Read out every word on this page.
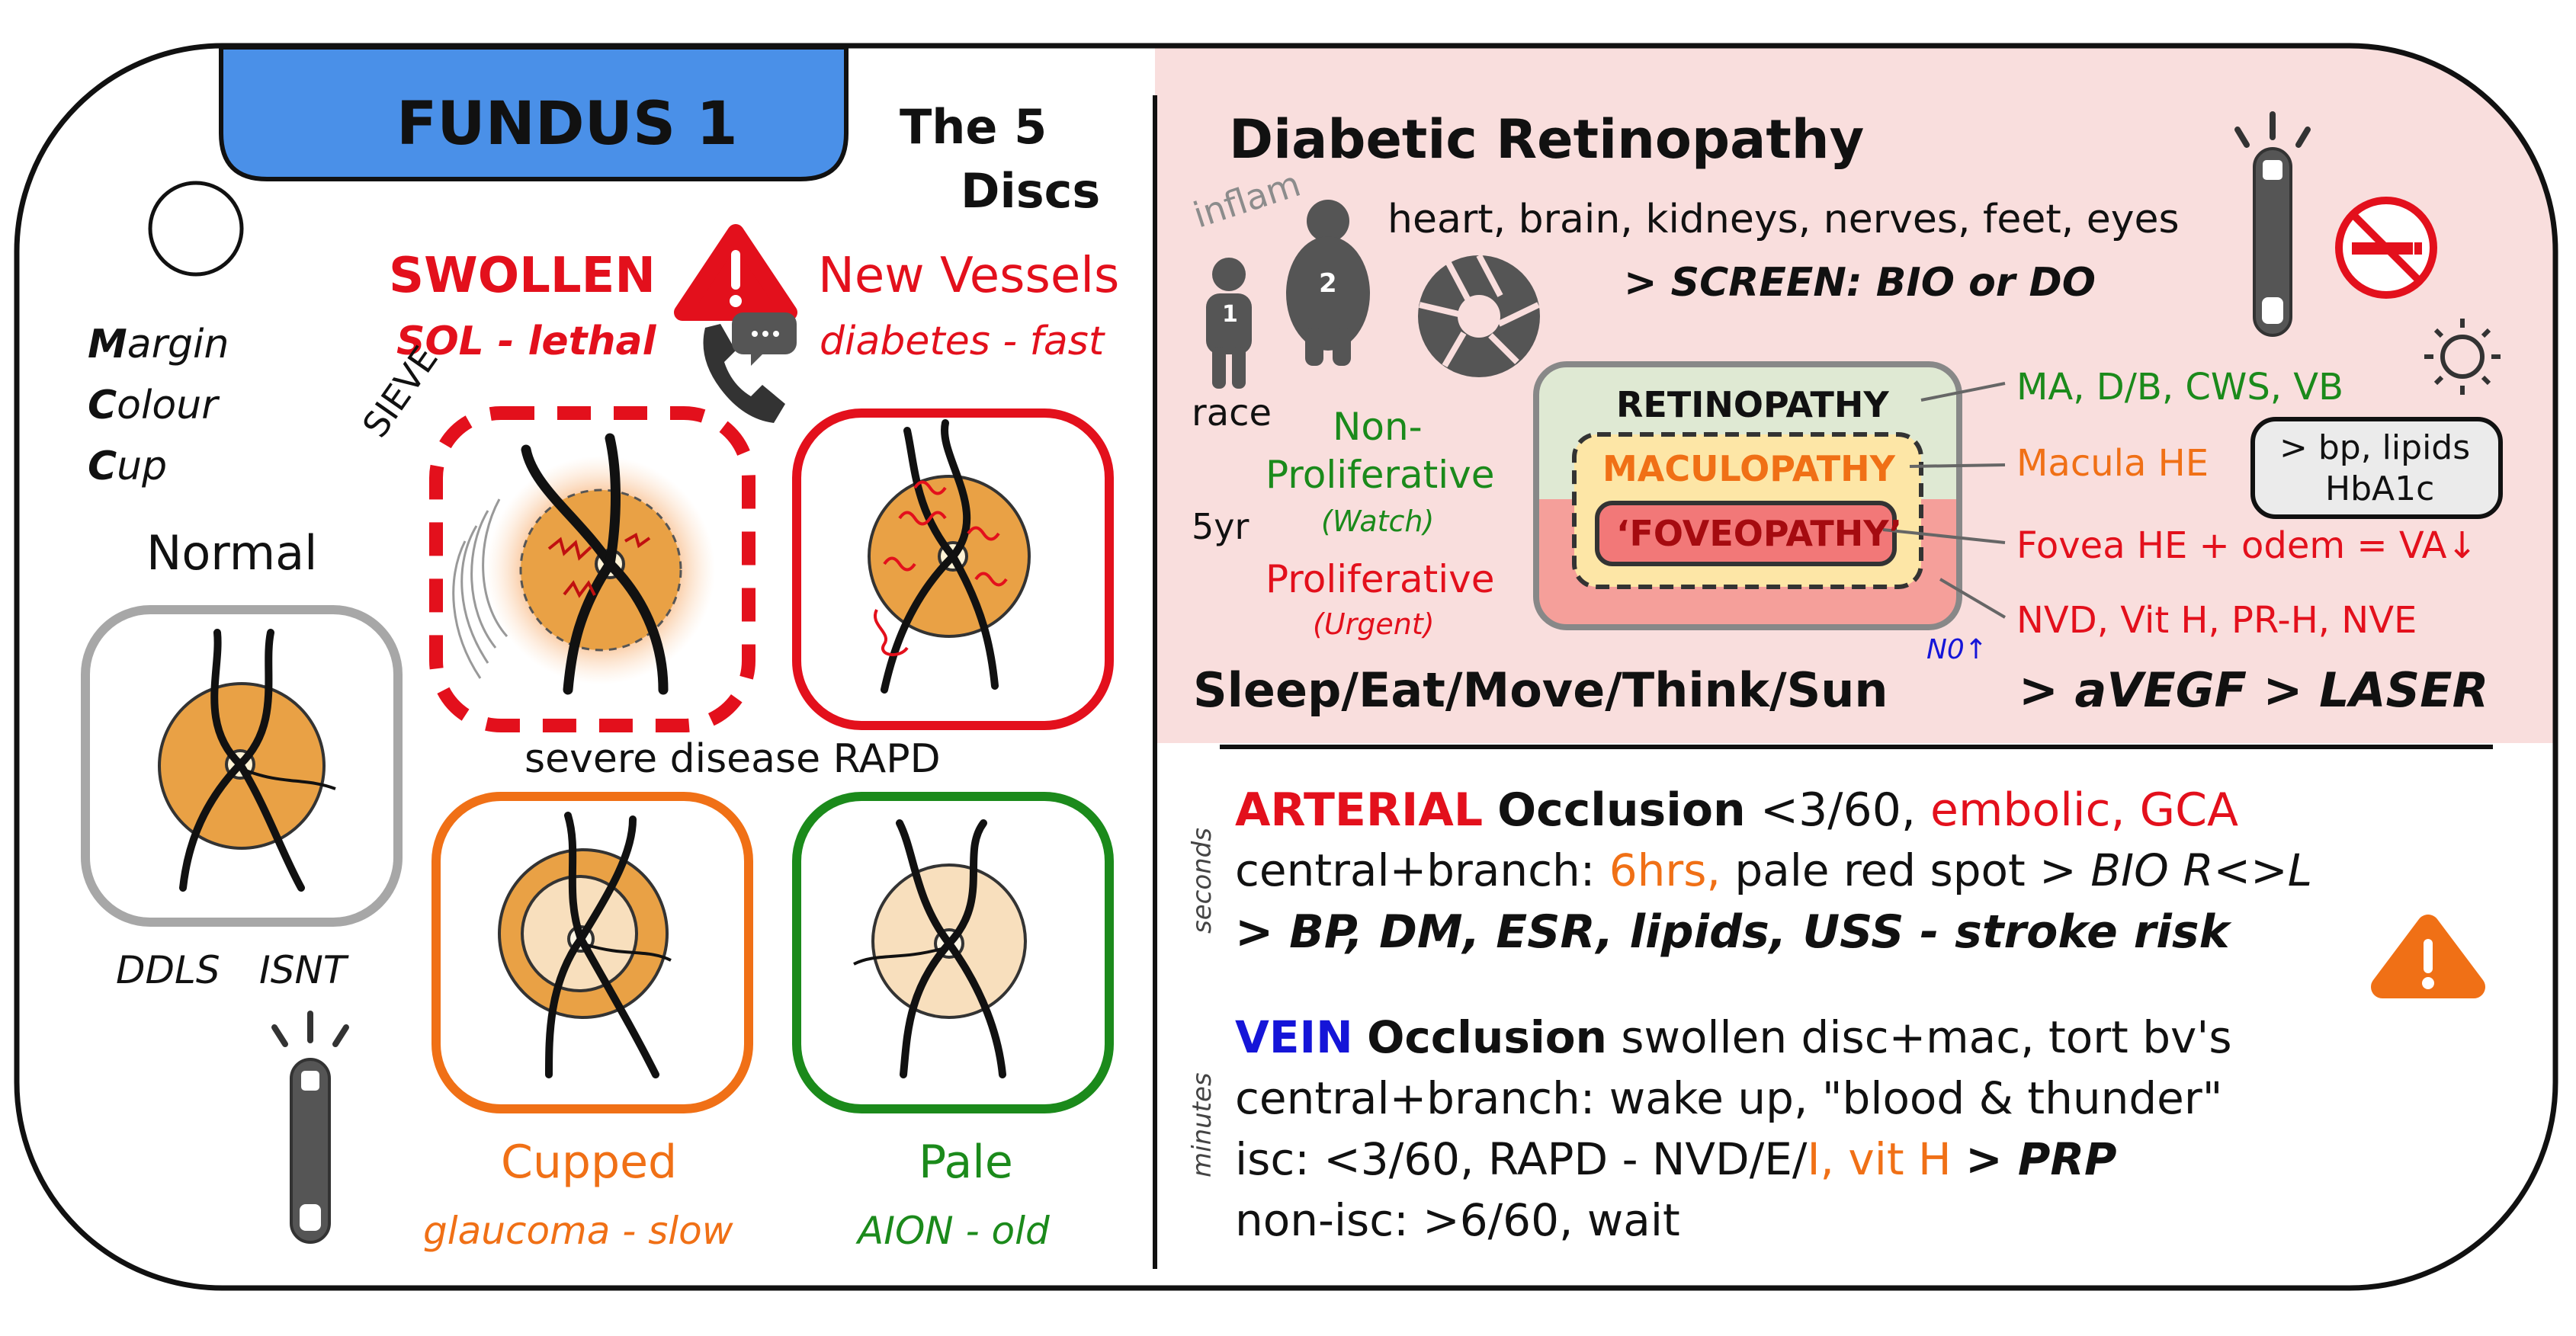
FUNDUS 1	The 5
Discs
Margin
Colour
Cup
Normal
DDLS ISNT
SWOLLEN
SOL - lethal
SIEVE
New Vessels
diabetes - fast
severe disease RAPD
Cupped
glaucoma - slow
Pale
AION - old
Diabetic Retinopathy
inflam heart, brain, kidneys, nerves, feet, eyes
> SCREEN: BIO or DO
1
2
race
5yr
Non-
Proliferative
(Watch)
Proliferative
(Urgent)
RETINOPATHY
MACULOPATHY
‘FOVEOPATHY’
MA, D/B, CWS, VB
Macula HE
Fovea HE + odem = VA↓
NVD, Vit H, PR-H, NVE
> bp, lipids
HbA1c
N0↑
Sleep/Eat/Move/Think/Sun	> aVEGF > LASER
seconds
ARTERIAL Occlusion <3/60, embolic, GCA
central+branch: 6hrs, pale red spot > BIO R<>L
> BP, DM, ESR, lipids, USS - stroke risk
minutes
VEIN Occlusion swollen disc+mac, tort bv's
central+branch: wake up, "blood & thunder"
isc: <3/60, RAPD - NVD/E/I, vit H > PRP
non-isc: >6/60, wait
